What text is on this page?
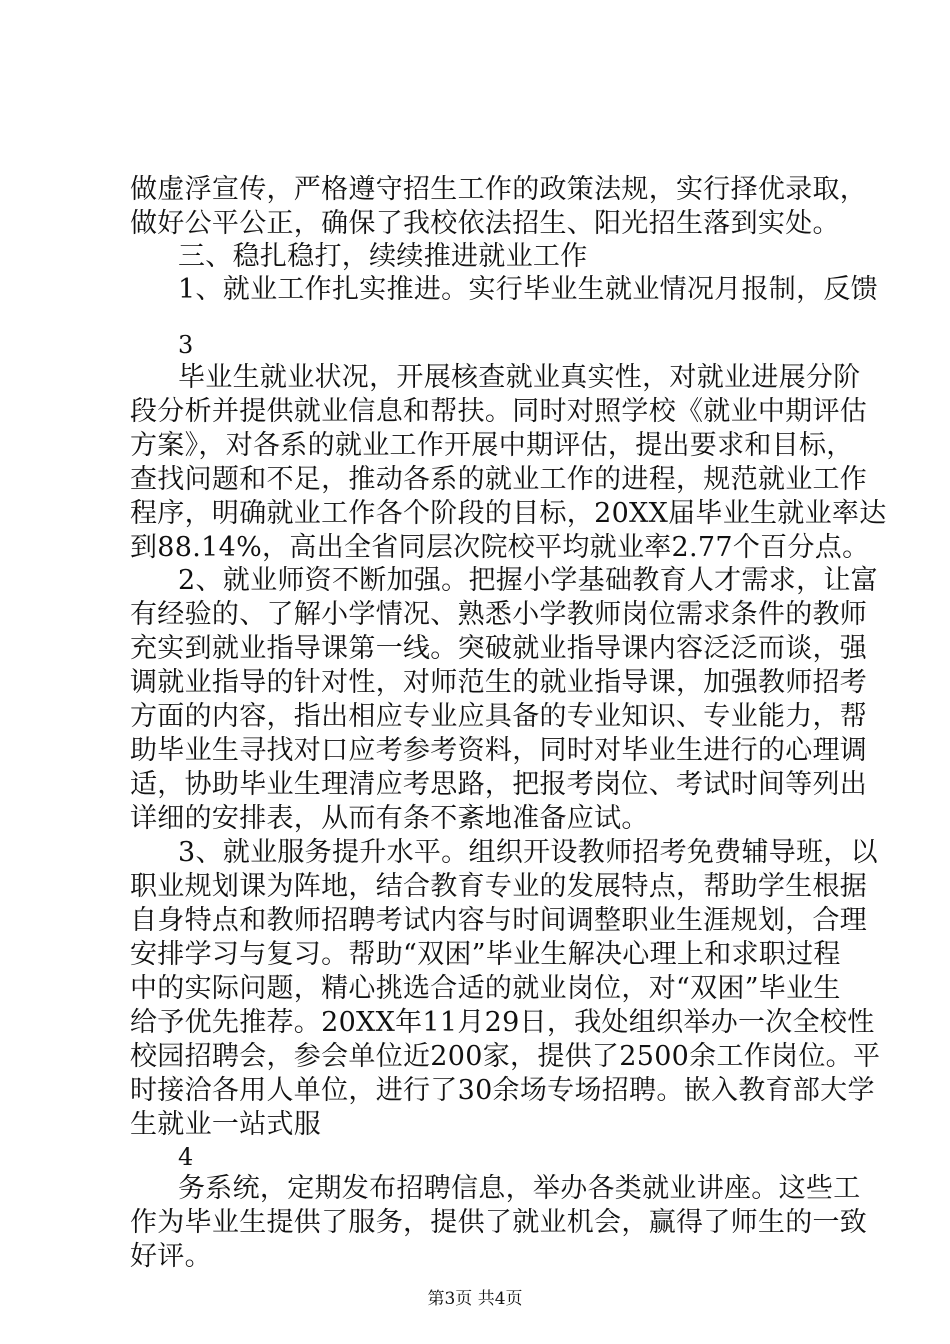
做虚浮宣传，严格遵守招生工作的政策法规，实行择优录取，
做好公平公正，确保了我校依法招生、阳光招生落到实处。
三、稳扎稳打，续续推进就业工作
1、就业工作扎实推进。实行毕业生就业情况月报制，反馈
3
毕业生就业状况，开展核查就业真实性，对就业进展分阶
段分析并提供就业信息和帮扶。同时对照学校《就业中期评估
方案》，对各系的就业工作开展中期评估，提出要求和目标，
查找问题和不足，推动各系的就业工作的进程，规范就业工作
程序，明确就业工作各个阶段的目标，20XX届毕业生就业率达
到88.14%，高出全省同层次院校平均就业率2.77个百分点。
2、就业师资不断加强。把握小学基础教育人才需求，让富
有经验的、了解小学情况、熟悉小学教师岗位需求条件的教师
充实到就业指导课第一线。突破就业指导课内容泛泛而谈，强
调就业指导的针对性，对师范生的就业指导课，加强教师招考
方面的内容，指出相应专业应具备的专业知识、专业能力，帮
助毕业生寻找对口应考参考资料，同时对毕业生进行的心理调
适，协助毕业生理清应考思路，把报考岗位、考试时间等列出
详细的安排表，从而有条不紊地准备应试。
3、就业服务提升水平。组织开设教师招考免费辅导班，以
职业规划课为阵地，结合教育专业的发展特点，帮助学生根据
自身特点和教师招聘考试内容与时间调整职业生涯规划，合理
安排学习与复习。帮助“双困”毕业生解决心理上和求职过程
中的实际问题，精心挑选合适的就业岗位，对“双困”毕业生
给予优先推荐。20XX年11月29日，我处组织举办一次全校性
校园招聘会，参会单位近200家，提供了2500余工作岗位。平
时接洽各用人单位，进行了30余场专场招聘。嵌入教育部大学
生就业一站式服
4
务系统，定期发布招聘信息，举办各类就业讲座。这些工
作为毕业生提供了服务，提供了就业机会，赢得了师生的一致
好评。
第3页 共4页
